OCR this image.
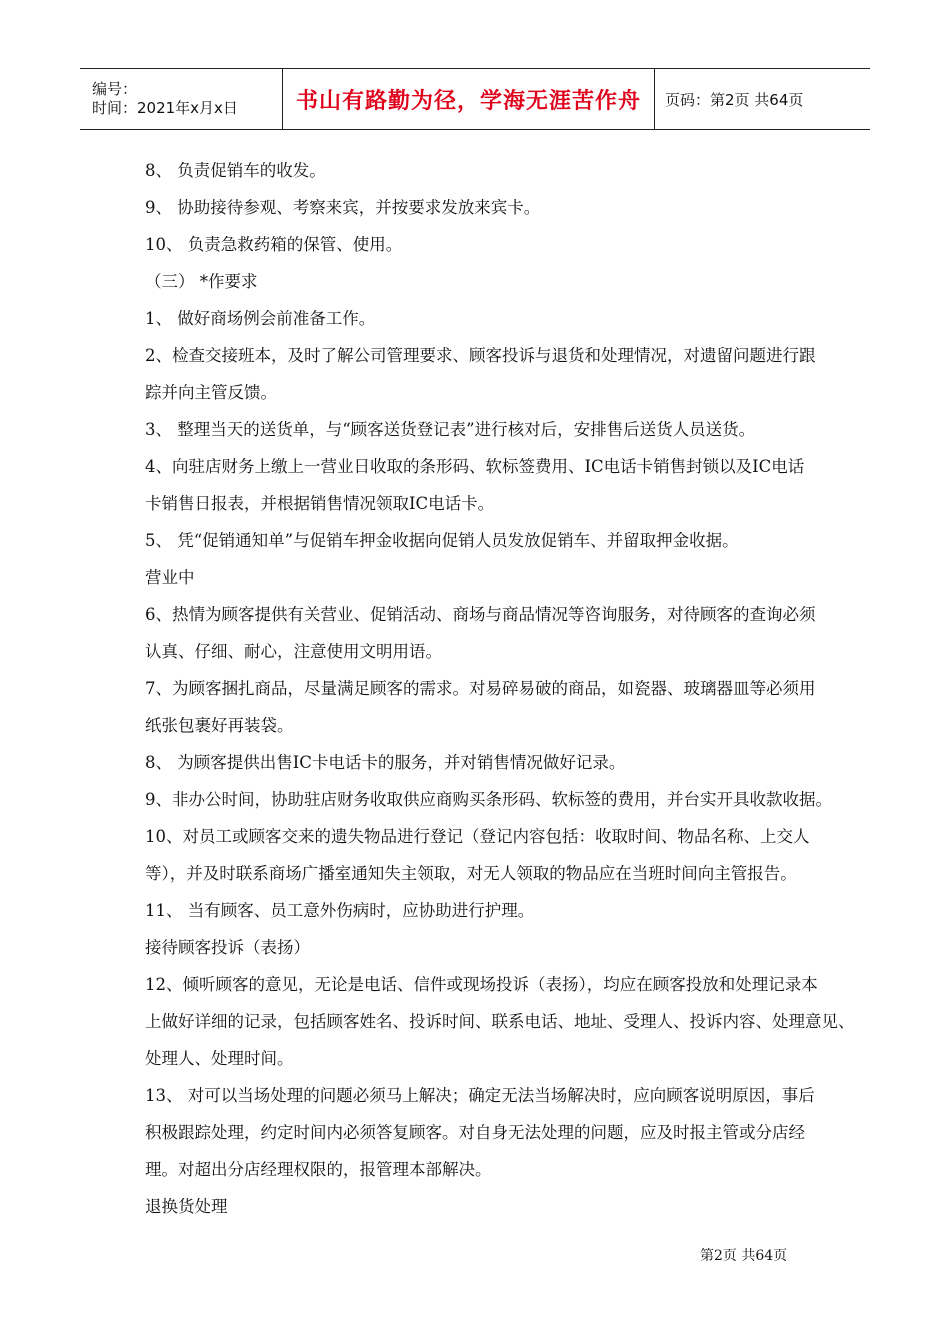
编号：
时间：2021年x月x日	书山有路勤为径，学海无涯苦作舟 页码：第2页 共64页
8、 负责促销车的收发。
9、 协助接待参观、考察来宾，并按要求发放来宾卡。
10、 负责急救药箱的保管、使用。
（三） *作要求
1、 做好商场例会前准备工作。
2、检查交接班本，及时了解公司管理要求、顾客投诉与退货和处理情况，对遗留问题进行跟
踪并向主管反馈。
3、 整理当天的送货单，与“顾客送货登记表”进行核对后，安排售后送货人员送货。
4、向驻店财务上缴上一营业日收取的条形码、软标签费用、IC电话卡销售封锁以及IC电话
卡销售日报表，并根据销售情况领取IC电话卡。
5、 凭“促销通知单”与促销车押金收据向促销人员发放促销车、并留取押金收据。
营业中
6、热情为顾客提供有关营业、促销活动、商场与商品情况等咨询服务，对待顾客的查询必须
认真、仔细、耐心，注意使用文明用语。
7、为顾客捆扎商品，尽量满足顾客的需求。对易碎易破的商品，如瓷器、玻璃器皿等必须用
纸张包裹好再装袋。
8、 为顾客提供出售IC卡电话卡的服务，并对销售情况做好记录。
9、非办公时间，协助驻店财务收取供应商购买条形码、软标签的费用，并台实开具收款收据。
10、对员工或顾客交来的遗失物品进行登记（登记内容包括：收取时间、物品名称、上交人
等），并及时联系商场广播室通知失主领取，对无人领取的物品应在当班时间向主管报告。
11、 当有顾客、员工意外伤病时，应协助进行护理。
接待顾客投诉（表扬）
12、倾听顾客的意见，无论是电话、信件或现场投诉（表扬），均应在顾客投放和处理记录本
上做好详细的记录，包括顾客姓名、投诉时间、联系电话、地址、受理人、投诉内容、处理意见、
处理人、处理时间。
13、 对可以当场处理的问题必须马上解决；确定无法当场解决时，应向顾客说明原因，事后
积极跟踪处理，约定时间内必须答复顾客。对自身无法处理的问题，应及时报主管或分店经
理。对超出分店经理权限的，报管理本部解决。
退换货处理
第2页 共64页
